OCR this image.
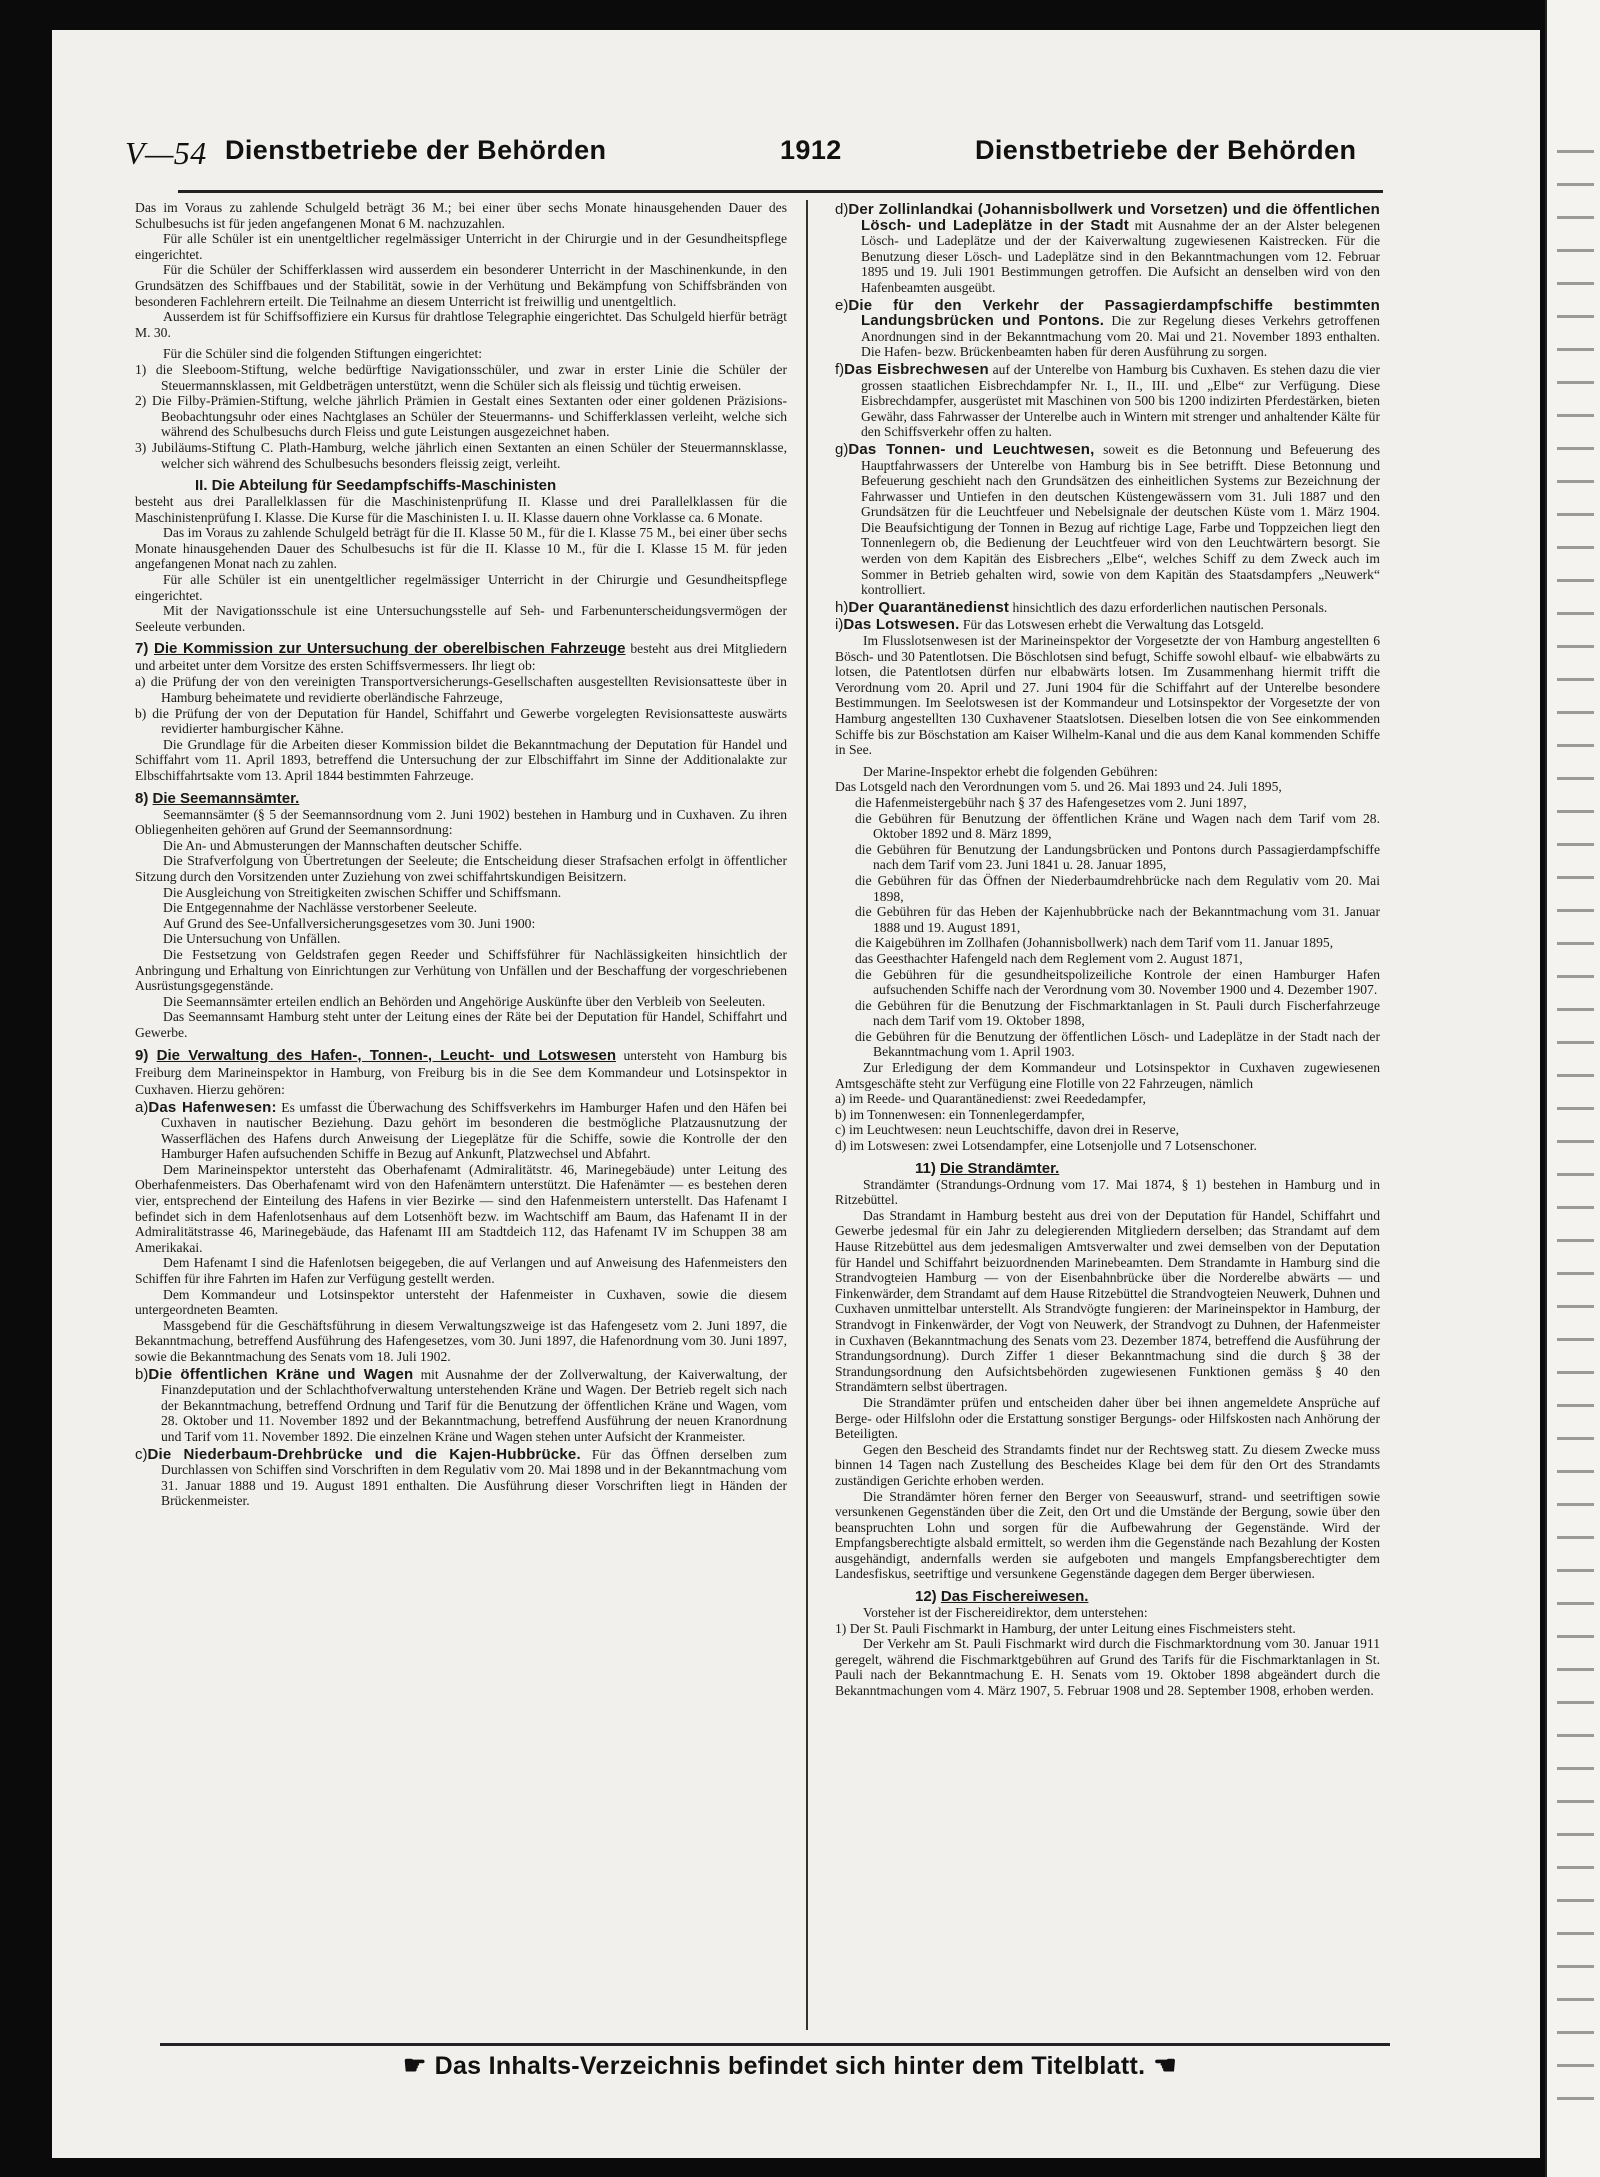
V—54 Dienstbetriebe der Behörden	1912	Dienstbetriebe der Behörden

Das im Voraus zu zahlende Schulgeld beträgt 36 M.; bei einer über sechs Monate hinausgehenden Dauer des Schulbesuchs ist für jeden angefangenen Monat 6 M. nachzuzahlen.

Für alle Schüler ist ein unentgeltlicher regelmässiger Unterricht in der Chirurgie und in der Gesundheitspflege eingerichtet.

Für die Schüler der Schifferklassen wird ausserdem ein besonderer Unterricht in der Maschinenkunde, in den Grundsätzen des Schiffbaues und der Stabilität, sowie in der Verhütung und Bekämpfung von Schiffsbränden von besonderen Fachlehrern erteilt. Die Teilnahme an diesem Unterricht ist freiwillig und unentgeltlich.

Ausserdem ist für Schiffsoffiziere ein Kursus für drahtlose Telegraphie eingerichtet. Das Schulgeld hierfür beträgt M. 30.

Für die Schüler sind die folgenden Stiftungen eingerichtet:

1) die Sleeboom-Stiftung, welche bedürftige Navigationsschüler, und zwar in erster Linie die Schüler der Steuermannsklassen, mit Geldbeträgen unterstützt, wenn die Schüler sich als fleissig und tüchtig erweisen.
2) Die Filby-Prämien-Stiftung, welche jährlich Prämien in Gestalt eines Sextanten oder einer goldenen Präzisions-Beobachtungsuhr oder eines Nachtglases an Schüler der Steuermanns- und Schifferklassen verleiht, welche sich während des Schulbesuchs durch Fleiss und gute Leistungen ausgezeichnet haben.
3) Jubiläums-Stiftung C. Plath-Hamburg, welche jährlich einen Sextanten an einen Schüler der Steuermannsklasse, welcher sich während des Schulbesuchs besonders fleissig zeigt, verleiht.
II. Die Abteilung für Seedampfschiffs-Maschinisten

besteht aus drei Parallelklassen für die Maschinistenprüfung II. Klasse und drei Parallelklassen für die Maschinistenprüfung I. Klasse. Die Kurse für die Maschinisten I. u. II. Klasse dauern ohne Vorklasse ca. 6 Monate.

Das im Voraus zu zahlende Schulgeld beträgt für die II. Klasse 50 M., für die I. Klasse 75 M., bei einer über sechs Monate hinausgehenden Dauer des Schulbesuchs ist für die II. Klasse 10 M., für die I. Klasse 15 M. für jeden angefangenen Monat nach zu zahlen.

Für alle Schüler ist ein unentgeltlicher regelmässiger Unterricht in der Chirurgie und Gesundheitspflege eingerichtet.

Mit der Navigationsschule ist eine Untersuchungsstelle auf Seh- und Farbenunterscheidungsvermögen der Seeleute verbunden.

7) Die Kommission zur Untersuchung der oberelbischen Fahrzeuge besteht aus drei Mitgliedern und arbeitet unter dem Vorsitze des ersten Schiffsvermessers. Ihr liegt ob:
a) die Prüfung der von den vereinigten Transportversicherungs-Gesellschaften ausgestellten Revisionsatteste über in Hamburg beheimatete und revidierte oberländische Fahrzeuge,
b) die Prüfung der von der Deputation für Handel, Schiffahrt und Gewerbe vorgelegten Revisionsatteste auswärts revidierter hamburgischer Kähne.

Die Grundlage für die Arbeiten dieser Kommission bildet die Bekanntmachung der Deputation für Handel und Schiffahrt vom 11. April 1893, betreffend die Untersuchung der zur Elbschiffahrt im Sinne der Additionalakte zur Elbschiffahrtsakte vom 13. April 1844 bestimmten Fahrzeuge.

8) Die Seemannsämter.

Seemannsämter (§ 5 der Seemannsordnung vom 2. Juni 1902) bestehen in Hamburg und in Cuxhaven. Zu ihren Obliegenheiten gehören auf Grund der Seemannsordnung:

Die An- und Abmusterungen der Mannschaften deutscher Schiffe.

Die Strafverfolgung von Übertretungen der Seeleute; die Entscheidung dieser Strafsachen erfolgt in öffentlicher Sitzung durch den Vorsitzenden unter Zuziehung von zwei schiffahrtskundigen Beisitzern.

Die Ausgleichung von Streitigkeiten zwischen Schiffer und Schiffsmann.

Die Entgegennahme der Nachlässe verstorbener Seeleute.

Auf Grund des See-Unfallversicherungsgesetzes vom 30. Juni 1900:

Die Untersuchung von Unfällen.

Die Festsetzung von Geldstrafen gegen Reeder und Schiffsführer für Nachlässigkeiten hinsichtlich der Anbringung und Erhaltung von Einrichtungen zur Verhütung von Unfällen und der Beschaffung der vorgeschriebenen Ausrüstungsgegenstände.

Die Seemannsämter erteilen endlich an Behörden und Angehörige Auskünfte über den Verbleib von Seeleuten.

Das Seemannsamt Hamburg steht unter der Leitung eines der Räte bei der Deputation für Handel, Schiffahrt und Gewerbe.

9) Die Verwaltung des Hafen-, Tonnen-, Leucht- und Lotswesen untersteht von Hamburg bis Freiburg dem Marineinspektor in Hamburg, von Freiburg bis in die See dem Kommandeur und Lotsinspektor in Cuxhaven. Hierzu gehören:
a)Das Hafenwesen: Es umfasst die Überwachung des Schiffsverkehrs im Hamburger Hafen und den Häfen bei Cuxhaven in nautischer Beziehung. Dazu gehört im besonderen die bestmögliche Platzausnutzung der Wasserflächen des Hafens durch Anweisung der Liegeplätze für die Schiffe, sowie die Kontrolle der den Hamburger Hafen aufsuchenden Schiffe in Bezug auf Ankunft, Platzwechsel und Abfahrt.

Dem Marineinspektor untersteht das Oberhafenamt (Admiralitätstr. 46, Marinegebäude) unter Leitung des Oberhafenmeisters. Das Oberhafenamt wird von den Hafenämtern unterstützt. Die Hafenämter — es bestehen deren vier, entsprechend der Einteilung des Hafens in vier Bezirke — sind den Hafenmeistern unterstellt. Das Hafenamt I befindet sich in dem Hafenlotsenhaus auf dem Lotsenhöft bezw. im Wachtschiff am Baum, das Hafenamt II in der Admiralitätstrasse 46, Marinegebäude, das Hafenamt III am Stadtdeich 112, das Hafenamt IV im Schuppen 38 am Amerikakai.

Dem Hafenamt I sind die Hafenlotsen beigegeben, die auf Verlangen und auf Anweisung des Hafenmeisters den Schiffen für ihre Fahrten im Hafen zur Verfügung gestellt werden.

Dem Kommandeur und Lotsinspektor untersteht der Hafenmeister in Cuxhaven, sowie die diesem untergeordneten Beamten.

Massgebend für die Geschäftsführung in diesem Verwaltungszweige ist das Hafengesetz vom 2. Juni 1897, die Bekanntmachung, betreffend Ausführung des Hafengesetzes, vom 30. Juni 1897, die Hafenordnung vom 30. Juni 1897, sowie die Bekanntmachung des Senats vom 18. Juli 1902.

b)Die öffentlichen Kräne und Wagen mit Ausnahme der der Zollverwaltung, der Kaiverwaltung, der Finanzdeputation und der Schlachthofverwaltung unterstehenden Kräne und Wagen. Der Betrieb regelt sich nach der Bekanntmachung, betreffend Ordnung und Tarif für die Benutzung der öffentlichen Kräne und Wagen, vom 28. Oktober und 11. November 1892 und der Bekanntmachung, betreffend Ausführung der neuen Kranordnung und Tarif vom 11. November 1892. Die einzelnen Kräne und Wagen stehen unter Aufsicht der Kranmeister.
c)Die Niederbaum-Drehbrücke und die Kajen-Hubbrücke. Für das Öffnen derselben zum Durchlassen von Schiffen sind Vorschriften in dem Regulativ vom 20. Mai 1898 und in der Bekanntmachung vom 31. Januar 1888 und 19. August 1891 enthalten. Die Ausführung dieser Vorschriften liegt in Händen der Brückenmeister.
d)Der Zollinlandkai (Johannisbollwerk und Vorsetzen) und die öffentlichen Lösch- und Ladeplätze in der Stadt mit Ausnahme der an der Alster belegenen Lösch- und Ladeplätze und der der Kaiverwaltung zugewiesenen Kaistrecken. Für die Benutzung dieser Lösch- und Ladeplätze sind in den Bekanntmachungen vom 12. Februar 1895 und 19. Juli 1901 Bestimmungen getroffen. Die Aufsicht an denselben wird von den Hafenbeamten ausgeübt.
e)Die für den Verkehr der Passagierdampfschiffe bestimmten Landungsbrücken und Pontons. Die zur Regelung dieses Verkehrs getroffenen Anordnungen sind in der Bekanntmachung vom 20. Mai und 21. November 1893 enthalten. Die Hafen- bezw. Brückenbeamten haben für deren Ausführung zu sorgen.
f)Das Eisbrechwesen auf der Unterelbe von Hamburg bis Cuxhaven. Es stehen dazu die vier grossen staatlichen Eisbrechdampfer Nr. I., II., III. und „Elbe“ zur Verfügung. Diese Eisbrechdampfer, ausgerüstet mit Maschinen von 500 bis 1200 indizirten Pferdestärken, bieten Gewähr, dass Fahrwasser der Unterelbe auch in Wintern mit strenger und anhaltender Kälte für den Schiffsverkehr offen zu halten.
g)Das Tonnen- und Leuchtwesen, soweit es die Betonnung und Befeuerung des Hauptfahrwassers der Unterelbe von Hamburg bis in See betrifft. Diese Betonnung und Befeuerung geschieht nach den Grundsätzen des einheitlichen Systems zur Bezeichnung der Fahrwasser und Untiefen in den deutschen Küstengewässern vom 31. Juli 1887 und den Grundsätzen für die Leuchtfeuer und Nebelsignale der deutschen Küste vom 1. März 1904. Die Beaufsichtigung der Tonnen in Bezug auf richtige Lage, Farbe und Toppzeichen liegt den Tonnenlegern ob, die Bedienung der Leuchtfeuer wird von den Leuchtwärtern besorgt. Sie werden von dem Kapitän des Eisbrechers „Elbe“, welches Schiff zu dem Zweck auch im Sommer in Betrieb gehalten wird, sowie von dem Kapitän des Staatsdampfers „Neuwerk“ kontrolliert.
h)Der Quarantänedienst hinsichtlich des dazu erforderlichen nautischen Personals.
i)Das Lotswesen. Für das Lotswesen erhebt die Verwaltung das Lotsgeld.

Im Flusslotsenwesen ist der Marineinspektor der Vorgesetzte der von Hamburg angestellten 6 Bösch- und 30 Patentlotsen. Die Böschlotsen sind befugt, Schiffe sowohl elbauf- wie elbabwärts zu lotsen, die Patentlotsen dürfen nur elbabwärts lotsen. Im Zusammenhang hiermit trifft die Verordnung vom 20. April und 27. Juni 1904 für die Schiffahrt auf der Unterelbe besondere Bestimmungen. Im Seelotswesen ist der Kommandeur und Lotsinspektor der Vorgesetzte der von Hamburg angestellten 130 Cuxhavener Staatslotsen. Dieselben lotsen die von See einkommenden Schiffe bis zur Böschstation am Kaiser Wilhelm-Kanal und die aus dem Kanal kommenden Schiffe in See.

Der Marine-Inspektor erhebt die folgenden Gebühren:

Das Lotsgeld nach den Verordnungen vom 5. und 26. Mai 1893 und 24. Juli 1895,

die Hafenmeistergebühr nach § 37 des Hafengesetzes vom 2. Juni 1897,

die Gebühren für Benutzung der öffentlichen Kräne und Wagen nach dem Tarif vom 28. Oktober 1892 und 8. März 1899,

die Gebühren für Benutzung der Landungsbrücken und Pontons durch Passagierdampfschiffe nach dem Tarif vom 23. Juni 1841 u. 28. Januar 1895,

die Gebühren für das Öffnen der Niederbaumdrehbrücke nach dem Regulativ vom 20. Mai 1898,

die Gebühren für das Heben der Kajenhubbrücke nach der Bekanntmachung vom 31. Januar 1888 und 19. August 1891,

die Kaigebühren im Zollhafen (Johannisbollwerk) nach dem Tarif vom 11. Januar 1895,

das Geesthachter Hafengeld nach dem Reglement vom 2. August 1871,

die Gebühren für die gesundheitspolizeiliche Kontrole der einen Hamburger Hafen aufsuchenden Schiffe nach der Verordnung vom 30. November 1900 und 4. Dezember 1907.

die Gebühren für die Benutzung der Fischmarktanlagen in St. Pauli durch Fischerfahrzeuge nach dem Tarif vom 19. Oktober 1898,

die Gebühren für die Benutzung der öffentlichen Lösch- und Ladeplätze in der Stadt nach der Bekanntmachung vom 1. April 1903.

Zur Erledigung der dem Kommandeur und Lotsinspektor in Cuxhaven zugewiesenen Amtsgeschäfte steht zur Verfügung eine Flotille von 22 Fahrzeugen, nämlich

a) im Reede- und Quarantänedienst: zwei Reededampfer,
b) im Tonnenwesen: ein Tonnenlegerdampfer,
c) im Leuchtwesen: neun Leuchtschiffe, davon drei in Reserve,
d) im Lotswesen: zwei Lotsendampfer, eine Lotsenjolle und 7 Lotsenschoner.
11) Die Strandämter.

Strandämter (Strandungs-Ordnung vom 17. Mai 1874, § 1) bestehen in Hamburg und in Ritzebüttel.

Das Strandamt in Hamburg besteht aus drei von der Deputation für Handel, Schiffahrt und Gewerbe jedesmal für ein Jahr zu delegierenden Mitgliedern derselben; das Strandamt auf dem Hause Ritzebüttel aus dem jedesmaligen Amtsverwalter und zwei demselben von der Deputation für Handel und Schiffahrt beizuordnenden Marinebeamten. Dem Strandamte in Hamburg sind die Strandvogteien Hamburg — von der Eisenbahnbrücke über die Norderelbe abwärts — und Finkenwärder, dem Strandamt auf dem Hause Ritzebüttel die Strandvogteien Neuwerk, Duhnen und Cuxhaven unmittelbar unterstellt. Als Strandvögte fungieren: der Marineinspektor in Hamburg, der Strandvogt in Finkenwärder, der Vogt von Neuwerk, der Strandvogt zu Duhnen, der Hafenmeister in Cuxhaven (Bekanntmachung des Senats vom 23. Dezember 1874, betreffend die Ausführung der Strandungsordnung). Durch Ziffer 1 dieser Bekanntmachung sind die durch § 38 der Strandungsordnung den Aufsichtsbehörden zugewiesenen Funktionen gemäss § 40 den Strandämtern selbst übertragen.

Die Strandämter prüfen und entscheiden daher über bei ihnen angemeldete Ansprüche auf Berge- oder Hilfslohn oder die Erstattung sonstiger Bergungs- oder Hilfskosten nach Anhörung der Beteiligten.

Gegen den Bescheid des Strandamts findet nur der Rechtsweg statt. Zu diesem Zwecke muss binnen 14 Tagen nach Zustellung des Bescheides Klage bei dem für den Ort des Strandamts zuständigen Gerichte erhoben werden.

Die Strandämter hören ferner den Berger von Seeauswurf, strand- und seetriftigen sowie versunkenen Gegenständen über die Zeit, den Ort und die Umstände der Bergung, sowie über den beanspruchten Lohn und sorgen für die Aufbewahrung der Gegenstände. Wird der Empfangsberechtigte alsbald ermittelt, so werden ihm die Gegenstände nach Bezahlung der Kosten ausgehändigt, andernfalls werden sie aufgeboten und mangels Empfangsberechtigter dem Landesfiskus, seetriftige und versunkene Gegenstände dagegen dem Berger überwiesen.

12) Das Fischereiwesen.

Vorsteher ist der Fischereidirektor, dem unterstehen:

1) Der St. Pauli Fischmarkt in Hamburg, der unter Leitung eines Fischmeisters steht.

Der Verkehr am St. Pauli Fischmarkt wird durch die Fischmarktordnung vom 30. Januar 1911 geregelt, während die Fischmarktgebühren auf Grund des Tarifs für die Fischmarktanlagen in St. Pauli nach der Bekanntmachung E. H. Senats vom 19. Oktober 1898 abgeändert durch die Bekanntmachungen vom 4. März 1907, 5. Februar 1908 und 28. September 1908, erhoben werden.

☛ Das Inhalts-Verzeichnis befindet sich hinter dem Titelblatt. ☚
